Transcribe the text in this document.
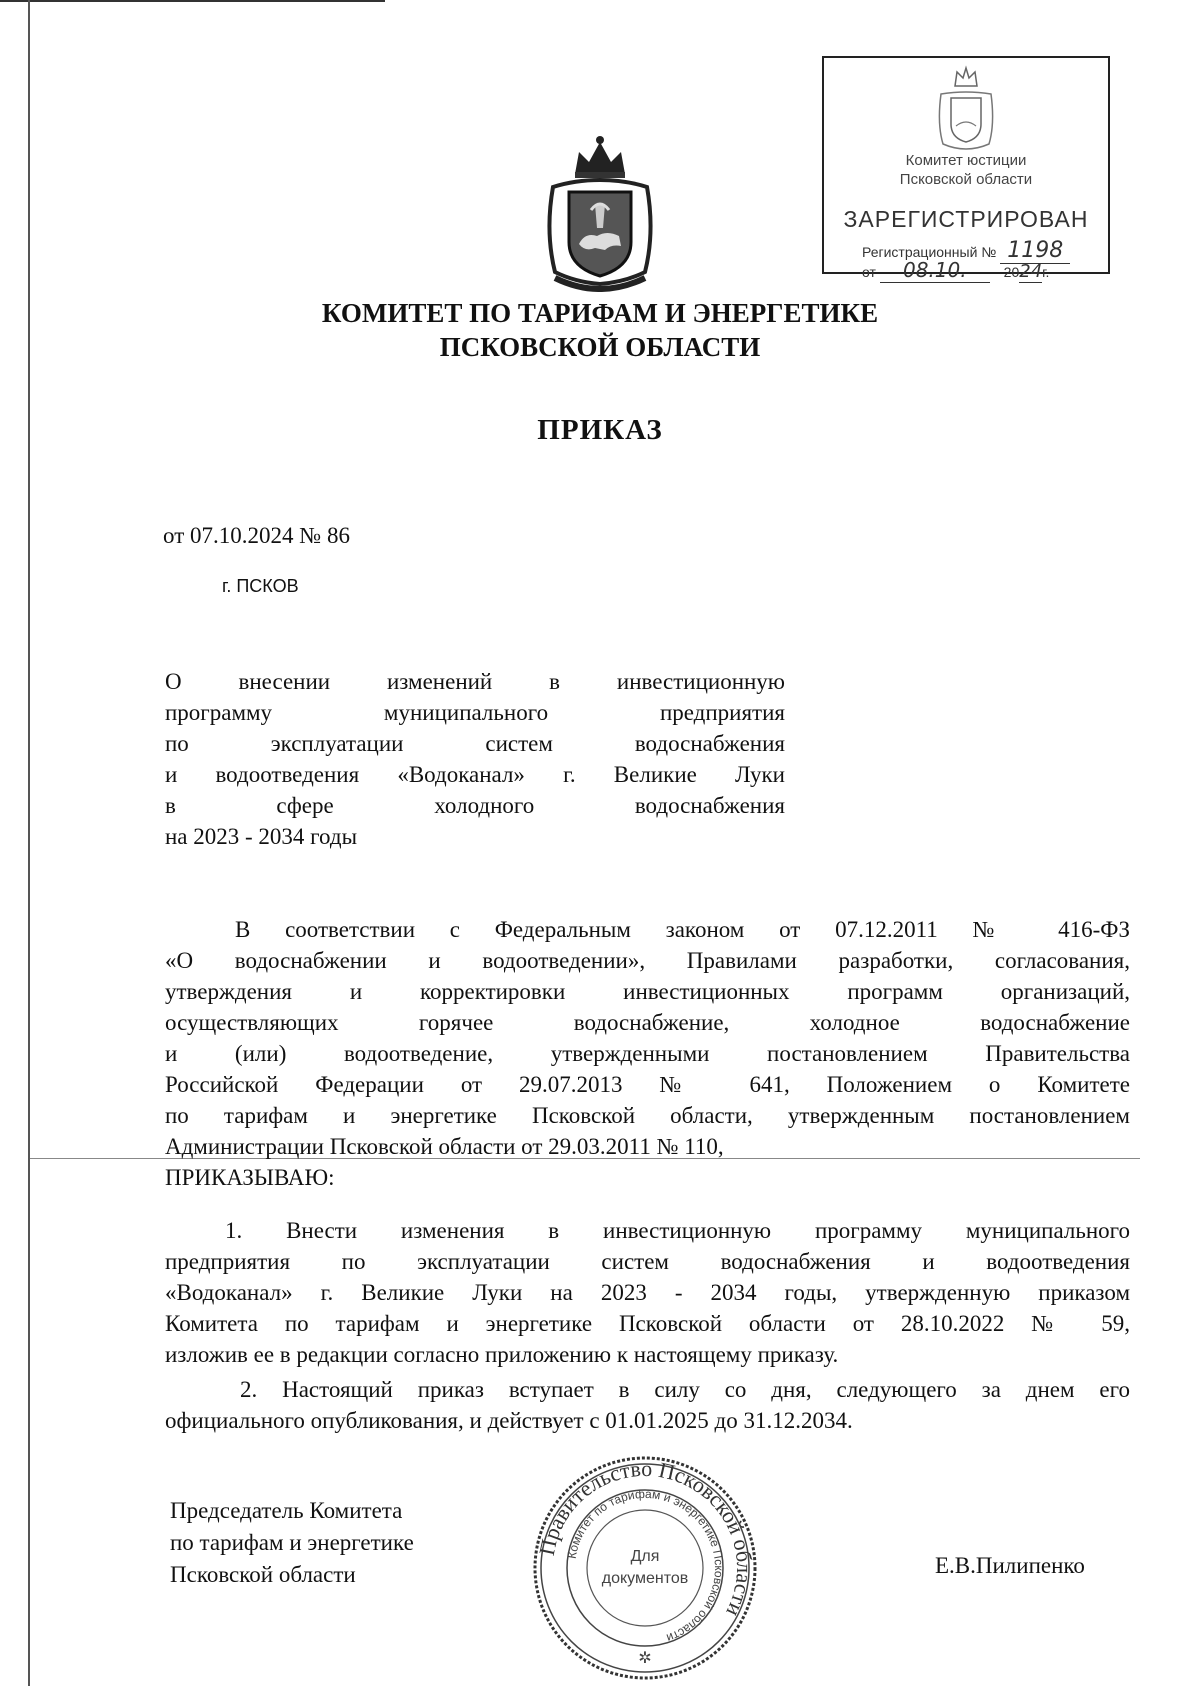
Комитет юстиции
Псковской области
ЗАРЕГИСТРИРОВАН
Регистрационный № 1198
от 08.10.	2024г.
КОМИТЕТ ПО ТАРИФАМ И ЭНЕРГЕТИКЕ
ПСКОВСКОЙ ОБЛАСТИ
ПРИКАЗ
от 07.10.2024 № 86
г. ПСКОВ
О внесении изменений в инвестиционную
программу муниципального предприятия
по эксплуатации систем водоснабжения
и водоотведения «Водоканал» г. Великие Луки
в сфере холодного водоснабжения
на 2023 - 2034 годы
В соответствии с Федеральным законом от 07.12.2011 № 416-ФЗ
«О водоснабжении и водоотведении», Правилами разработки, согласования,
утверждения и корректировки инвестиционных программ организаций,
осуществляющих горячее водоснабжение, холодное водоснабжение
и (или) водоотведение, утвержденными постановлением Правительства
Российской Федерации от 29.07.2013 № 641, Положением о Комитете
по тарифам и энергетике Псковской области, утвержденным постановлением
Администрации Псковской области от 29.03.2011 № 110,
ПРИКАЗЫВАЮ:
1. Внести изменения в инвестиционную программу муниципального
предприятия по эксплуатации систем водоснабжения и водоотведения
«Водоканал» г. Великие Луки на 2023 - 2034 годы, утвержденную приказом
Комитета по тарифам и энергетике Псковской области от 28.10.2022 № 59,
изложив ее в редакции согласно приложению к настоящему приказу.
2. Настоящий приказ вступает в силу со дня, следующего за днем его
официального опубликования, и действует с 01.01.2025 до 31.12.2034.
Председатель Комитета
по тарифам и энергетике
Псковской области	Е.В.Пилипенко
Правительство Псковской области
Комитет по тарифам и энергетике Псковской области
Для
документов
✲
